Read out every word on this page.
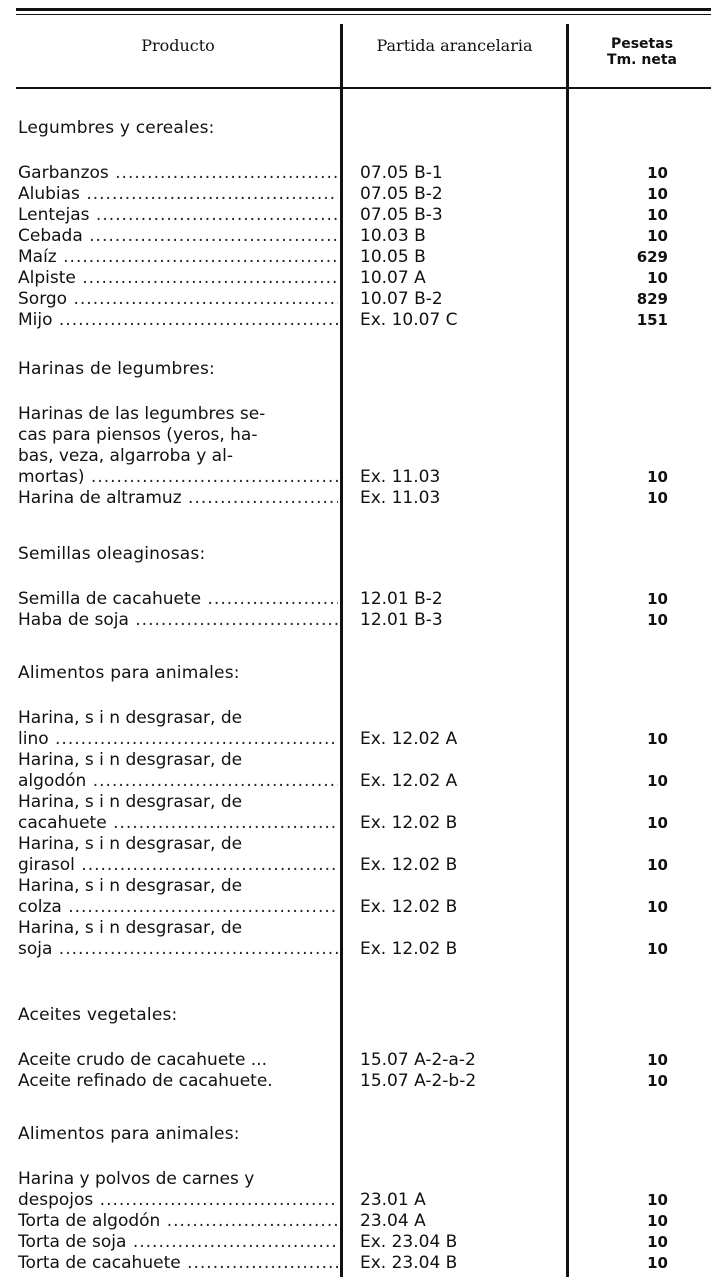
Producto	Partida arancelaria	Pesetas
Tm. neta
Legumbres y cereales:
Garbanzos .....	07.05 B-1	10
Alubias .....	07.05 B-2	10
Lentejas .....	07.05 B-3	10
Cebada .....	10.03 B	10
Maíz .....	10.05 B	629
Alpiste .....	10.07 A	10
Sorgo .....	10.07 B-2	829
Mijo .....	Ex. 10.07 C	151
Harinas de legumbres:
Harinas de las legumbres se-
cas para piensos (yeros, ha-
bas, veza, algarroba y al-
mortas) .....	Ex. 11.03	10
Harina de altramuz .....	Ex. 11.03	10
Semillas oleaginosas:
Semilla de cacahuete .....	12.01 B-2	10
Haba de soja .....	12.01 B-3	10
Alimentos para animales:
Harina, s i n desgrasar, de
lino .....	Ex. 12.02 A	10
Harina, s i n desgrasar, de
algodón .....	Ex. 12.02 A	10
Harina, s i n desgrasar, de
cacahuete .....	Ex. 12.02 B	10
Harina, s i n desgrasar, de
girasol .....	Ex. 12.02 B	10
Harina, s i n desgrasar, de
colza .....	Ex. 12.02 B	10
Harina, s i n desgrasar, de
soja .....	Ex. 12.02 B	10
Aceites vegetales:
Aceite crudo de cacahuete ...	15.07 A-2-a-2	10
Aceite refinado de cacahuete.	15.07 A-2-b-2	10
Alimentos para animales:
Harina y polvos de carnes y
despojos .....	23.01 A	10
Torta de algodón .....	23.04 A	10
Torta de soja .....	Ex. 23.04 B	10
Torta de cacahuete .....	Ex. 23.04 B	10
